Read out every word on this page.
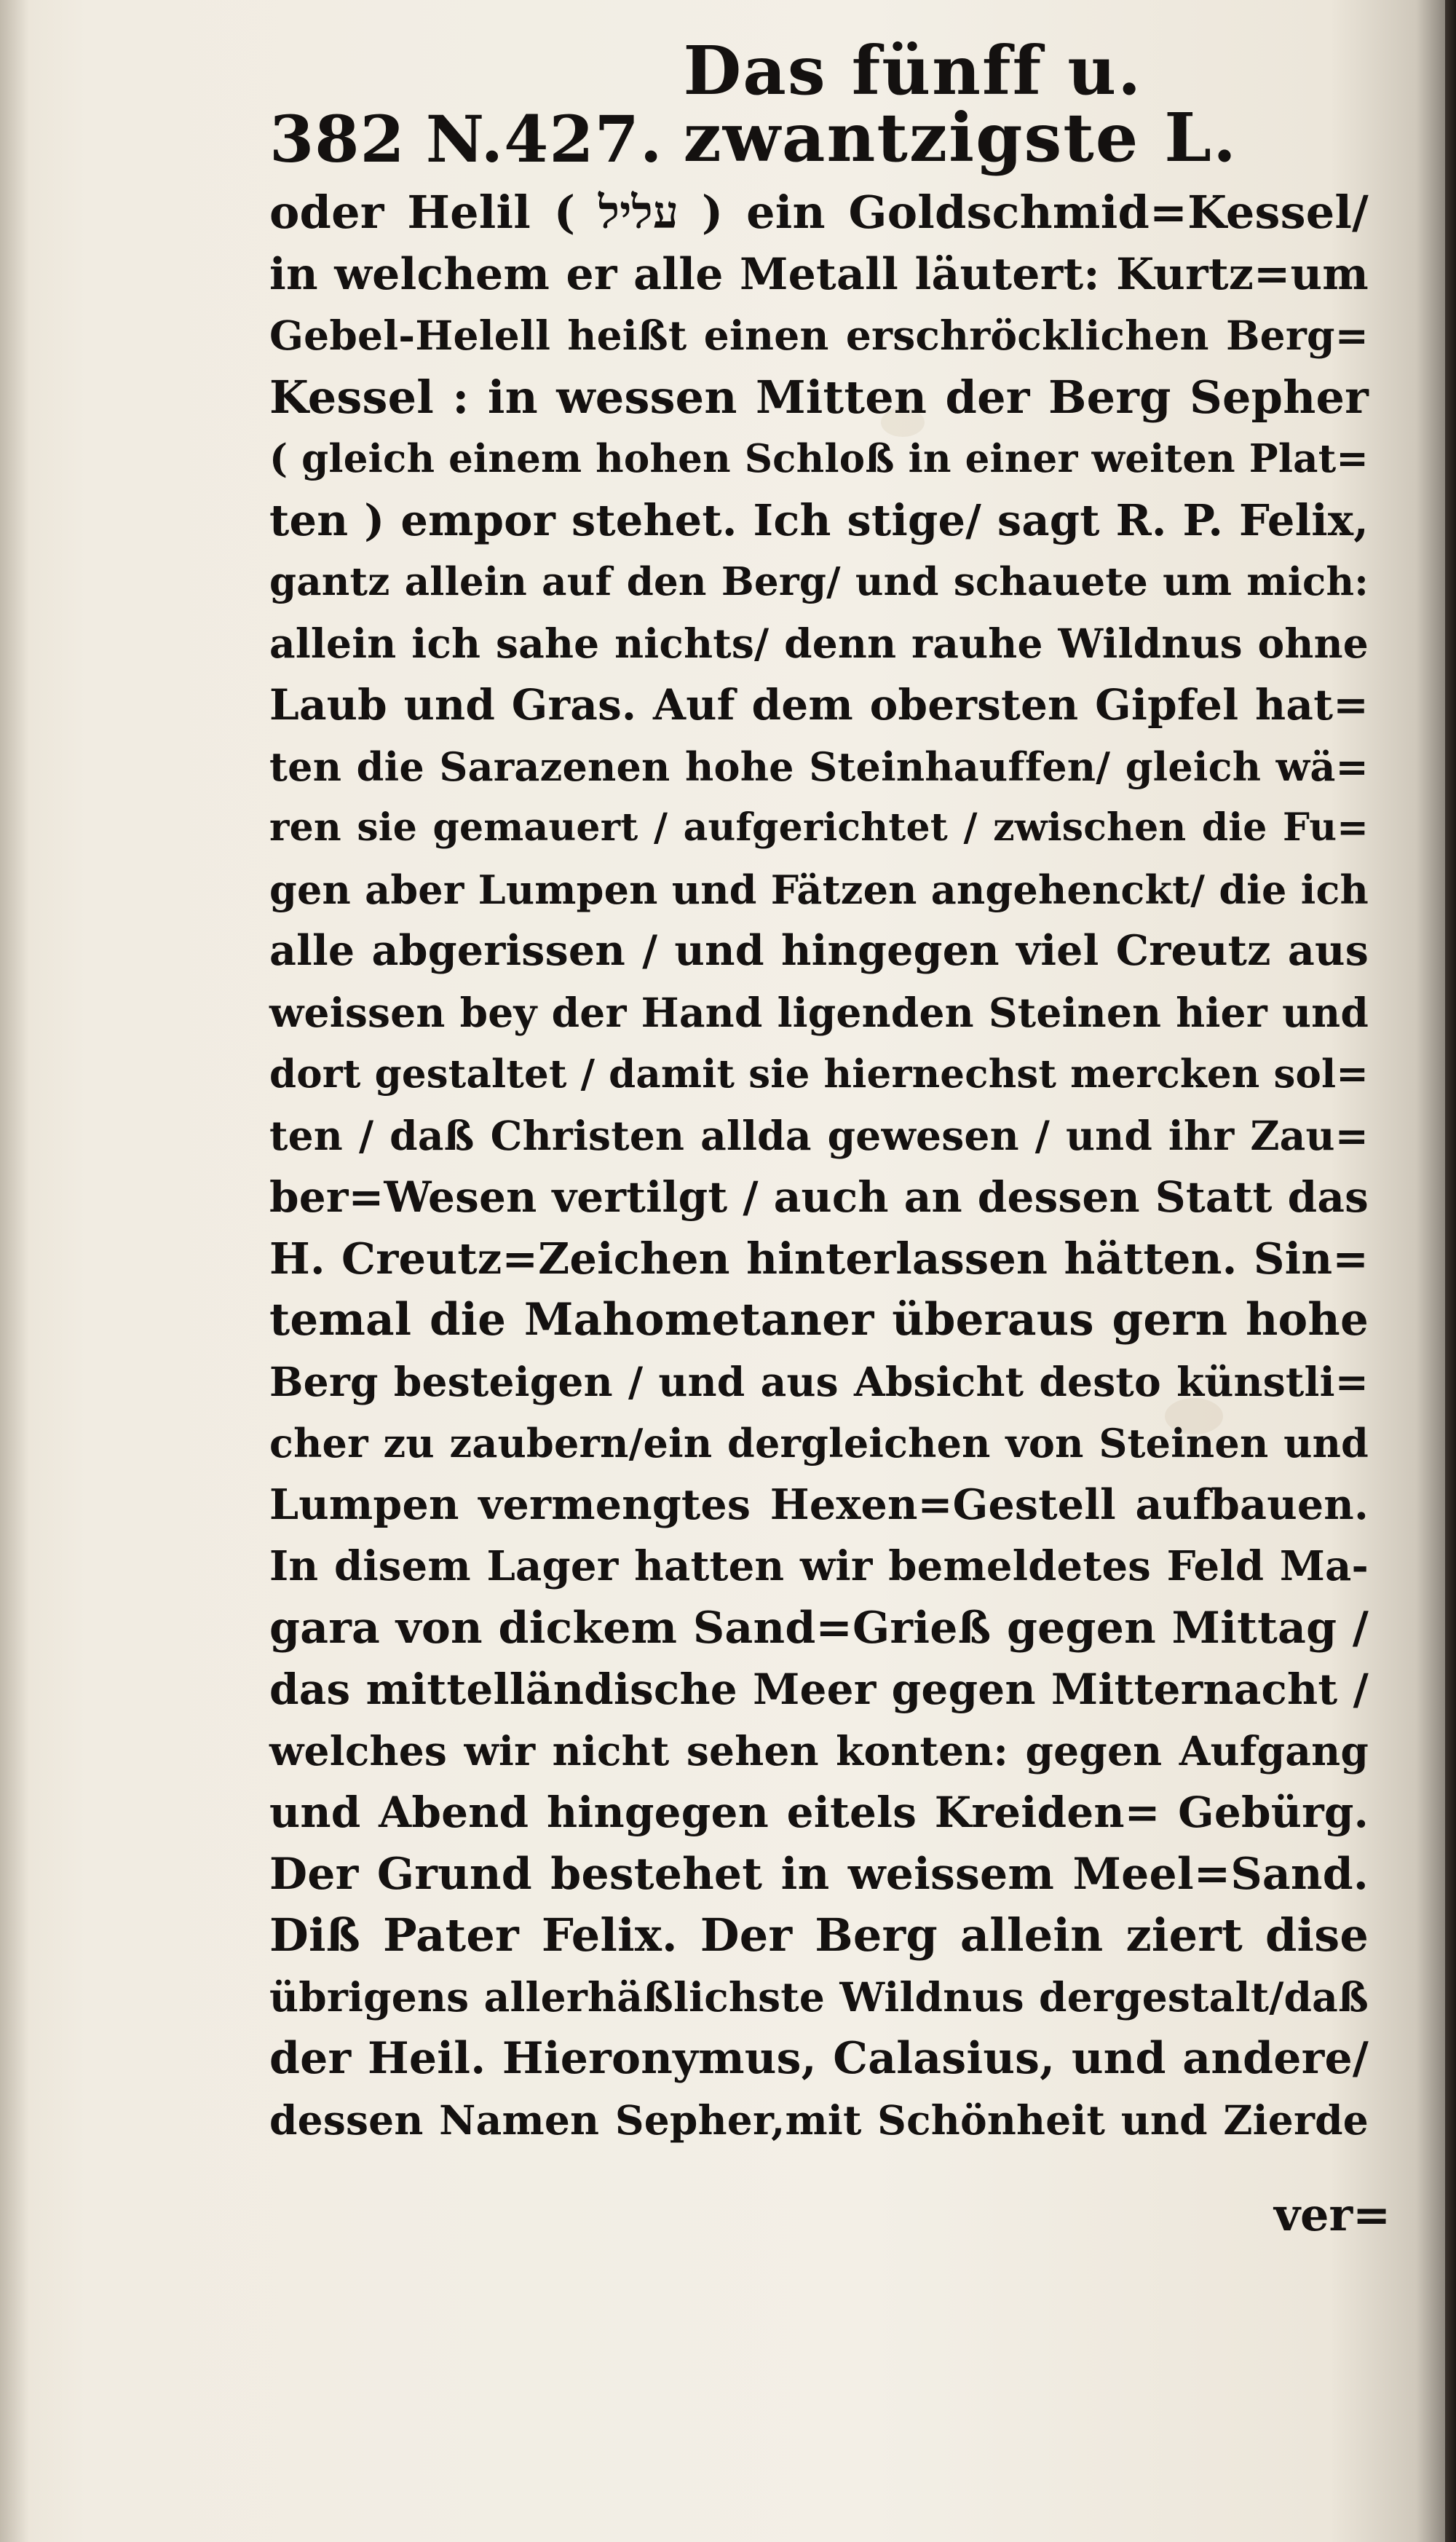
382 N.427.
Das fünff u. zwantzigste L.
oder Helil ( עליל ) ein Goldschmid=Kessel/
in welchem er alle Metall läutert: Kurtz=um
Gebel-Helell heißt einen erschröcklichen Berg=
Kessel : in wessen Mitten der Berg Sepher
( gleich einem hohen Schloß in einer weiten Plat=
ten ) empor stehet. Ich stige/ sagt R. P. Felix,
gantz allein auf den Berg/ und schauete um mich:
allein ich sahe nichts/ denn rauhe Wildnus ohne
Laub und Gras. Auf dem obersten Gipfel hat=
ten die Sarazenen hohe Steinhauffen/ gleich wä=
ren sie gemauert / aufgerichtet / zwischen die Fu=
gen aber Lumpen und Fätzen angehenckt/ die ich
alle abgerissen / und hingegen viel Creutz aus
weissen bey der Hand ligenden Steinen hier und
dort gestaltet / damit sie hiernechst mercken sol=
ten / daß Christen allda gewesen / und ihr Zau=
ber=Wesen vertilgt / auch an dessen Statt das
H. Creutz=Zeichen hinterlassen hätten. Sin=
temal die Mahometaner überaus gern hohe
Berg besteigen / und aus Absicht desto künstli=
cher zu zaubern/ein dergleichen von Steinen und
Lumpen vermengtes Hexen=Gestell aufbauen.
In disem Lager hatten wir bemeldetes Feld Ma-
gara von dickem Sand=Grieß gegen Mittag /
das mittelländische Meer gegen Mitternacht /
welches wir nicht sehen konten: gegen Aufgang
und Abend hingegen eitels Kreiden= Gebürg.
Der Grund bestehet in weissem Meel=Sand.
Diß Pater Felix. Der Berg allein ziert dise
übrigens allerhäßlichste Wildnus dergestalt/daß
der Heil. Hieronymus, Calasius, und andere/
dessen Namen Sepher,mit Schönheit und Zierde
ver=
